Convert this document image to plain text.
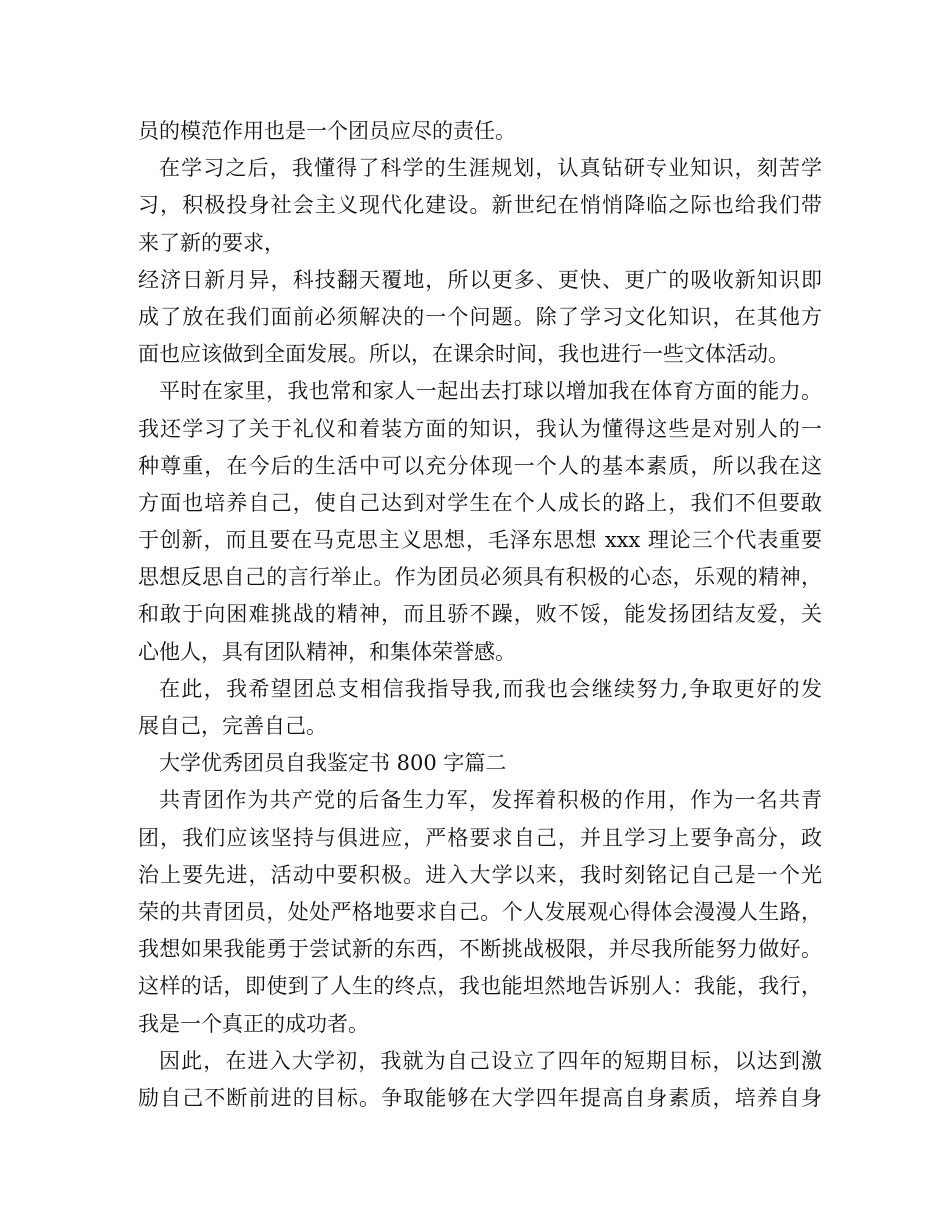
员的模范作用也是一个团员应尽的责任。
在学习之后，我懂得了科学的生涯规划，认真钻研专业知识，刻苦学
习，积极投身社会主义现代化建设。新世纪在悄悄降临之际也给我们带
来了新的要求，
经济日新月异，科技翻天覆地，所以更多、更快、更广的吸收新知识即
成了放在我们面前必须解决的一个问题。除了学习文化知识，在其他方
面也应该做到全面发展。所以，在课余时间，我也进行一些文体活动。
平时在家里，我也常和家人一起出去打球以增加我在体育方面的能力。
我还学习了关于礼仪和着装方面的知识，我认为懂得这些是对别人的一
种尊重，在今后的生活中可以充分体现一个人的基本素质，所以我在这
方面也培养自己，使自己达到对学生在个人成长的路上，我们不但要敢
于创新，而且要在马克思主义思想，毛泽东思想 xxx 理论三个代表重要
思想反思自己的言行举止。作为团员必须具有积极的心态，乐观的精神，
和敢于向困难挑战的精神，而且骄不躁，败不馁，能发扬团结友爱，关
心他人，具有团队精神，和集体荣誉感。
在此，我希望团总支相信我指导我,而我也会继续努力,争取更好的发
展自己，完善自己。
大学优秀团员自我鉴定书 800 字篇二
共青团作为共产党的后备生力军，发挥着积极的作用，作为一名共青
团，我们应该坚持与俱进应，严格要求自己，并且学习上要争高分，政
治上要先进，活动中要积极。进入大学以来，我时刻铭记自己是一个光
荣的共青团员，处处严格地要求自己。个人发展观心得体会漫漫人生路，
我想如果我能勇于尝试新的东西，不断挑战极限，并尽我所能努力做好。
这样的话，即使到了人生的终点，我也能坦然地告诉别人：我能，我行，
我是一个真正的成功者。
因此，在进入大学初，我就为自己设立了四年的短期目标，以达到激
励自己不断前进的目标。争取能够在大学四年提高自身素质，培养自身
